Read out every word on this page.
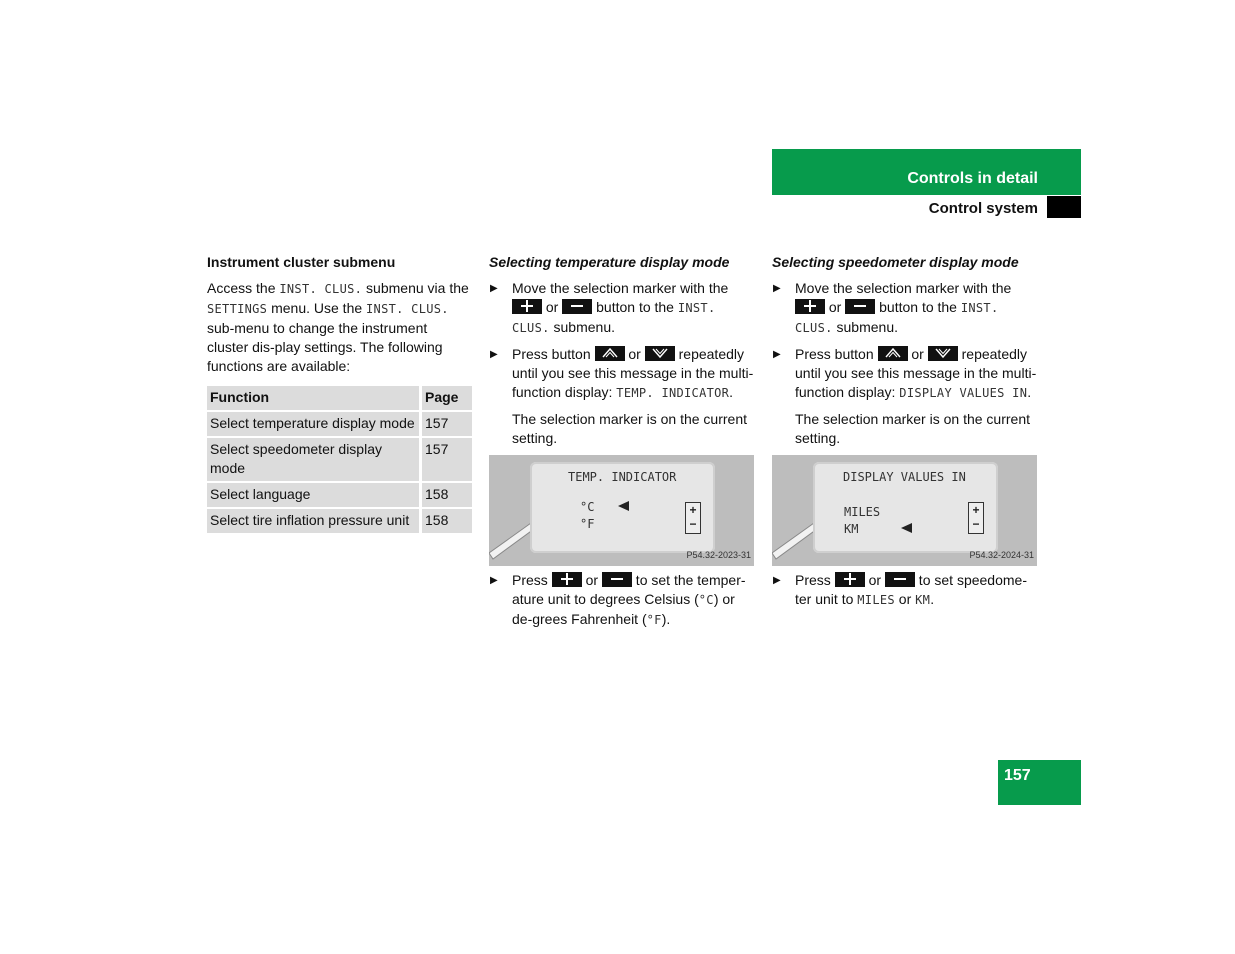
Controls in detail
Control system
Instrument cluster submenu

Access the INST. CLUS. submenu via the SETTINGS menu. Use the INST. CLUS. sub-menu to change the instrument cluster dis-play settings. The following functions are available:

Function	Page
Select temperature display mode	157
Select speedometer display mode	157
Select language	158
Select tire inflation pressure unit	158
Selecting temperature display mode
▶ Move the selection marker with the
or
button to the INST. CLUS. submenu.
▶ Press button
or	repeatedly until you see this message in the multi-function display: TEMP. INDICATOR.

The selection marker is on the current setting.

TEMP. INDICATOR
°C
°F
+
−
P54.32-2023-31
▶ Press
or
to set the temper-ature unit to degrees Celsius (°C) or de-grees Fahrenheit (°F).
Selecting speedometer display mode
▶ Move the selection marker with the
or
button to the INST. CLUS. submenu.
▶ Press button
or	repeatedly until you see this message in the multi-function display: DISPLAY VALUES IN.

The selection marker is on the current setting.

DISPLAY VALUES IN
MILES
KM
+
−
P54.32-2024-31
▶ Press
or
to set speedome-ter unit to MILES or KM.
157
